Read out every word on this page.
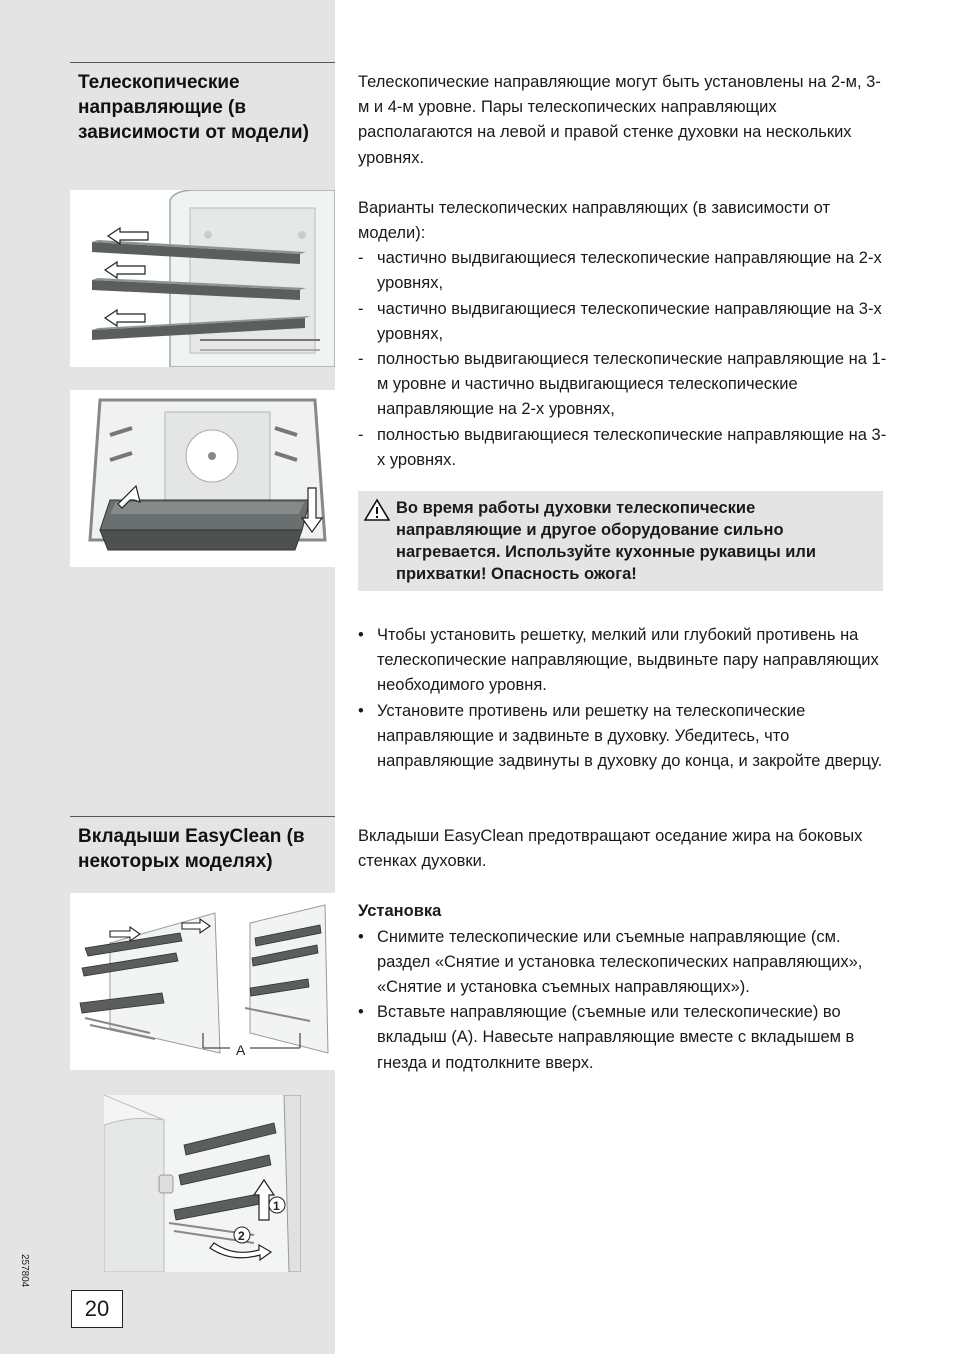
Телескопические направляющие (в зависимости от модели)

Телескопические направляющие могут быть установлены на 2-м, 3-м и 4-м уровне. Пары телескопических направляющих располагаются на левой и правой стенке духовки на нескольких уровнях.

Варианты телескопических направляющих (в зависимости от модели):

- частично выдвигающиеся телескопические направляющие на 2-х уровнях,
- частично выдвигающиеся телескопические направляющие на 3-х уровнях,
- полностью выдвигающиеся телескопические направляющие на 1-м уровне и частично выдвигающиеся телескопические направляющие на 2-х уровнях,
- полностью выдвигающиеся телескопические направляющие на 3-х уровнях.
Во время работы духовки телескопические направляющие и другое оборудование сильно нагревается. Используйте кухонные рукавицы или прихватки! Опасность ожога!
• Чтобы установить решетку, мелкий или глубокий противень на телескопические направляющие, выдвиньте пару направляющих необходимого уровня.
• Установите противень или решетку на телескопические направляющие и задвиньте в духовку. Убедитесь, что направляющие задвинуты в духовку до конца, и закройте дверцу.
Вкладыши EasyClean (в некоторых моделях)
A
1
2

Вкладыши EasyClean предотвращают оседание жира на боковых стенках духовки.

Установка

• Снимите телескопические или съемные направляющие (см. раздел «Снятие и установка телескопических направляющих», «Снятие и установка съемных направляющих»).
• Вставьте направляющие (съемные или телескопические) во вкладыш (A). Навесьте направляющие вместе с вкладышем в гнезда и подтолкните вверх.
257804
20
